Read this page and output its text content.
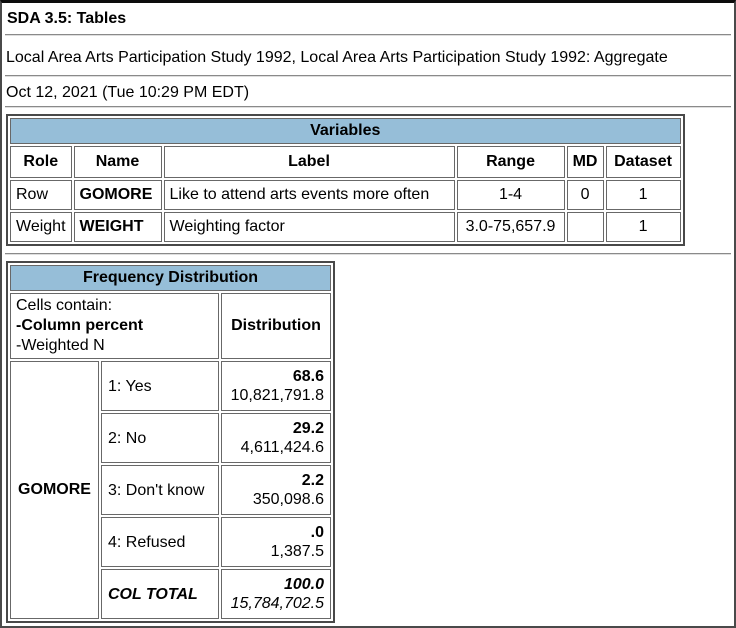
SDA 3.5: Tables
Local Area Arts Participation Study 1992, Local Area Arts Participation Study 1992: Aggregate
Oct 12, 2021 (Tue 10:29 PM EDT)
Variables					
Role	Name	Label	Range	MD	Dataset
Row	GOMORE	Like to attend arts events more often	1-4	0	1
Weight	WEIGHT	Weighting factor	3.0-75,657.9		1
Frequency Distribution		

Cells contain:
-Column percent
-Weighted N		Distribution
GOMORE	1: Yes	68.6
10,821,791.8

	2: No	29.2
4,611,424.6

	3: Don't know	2.2
350,098.6

	4: Refused	.0
1,387.5

	COL TOTAL	100.0
15,784,702.5
